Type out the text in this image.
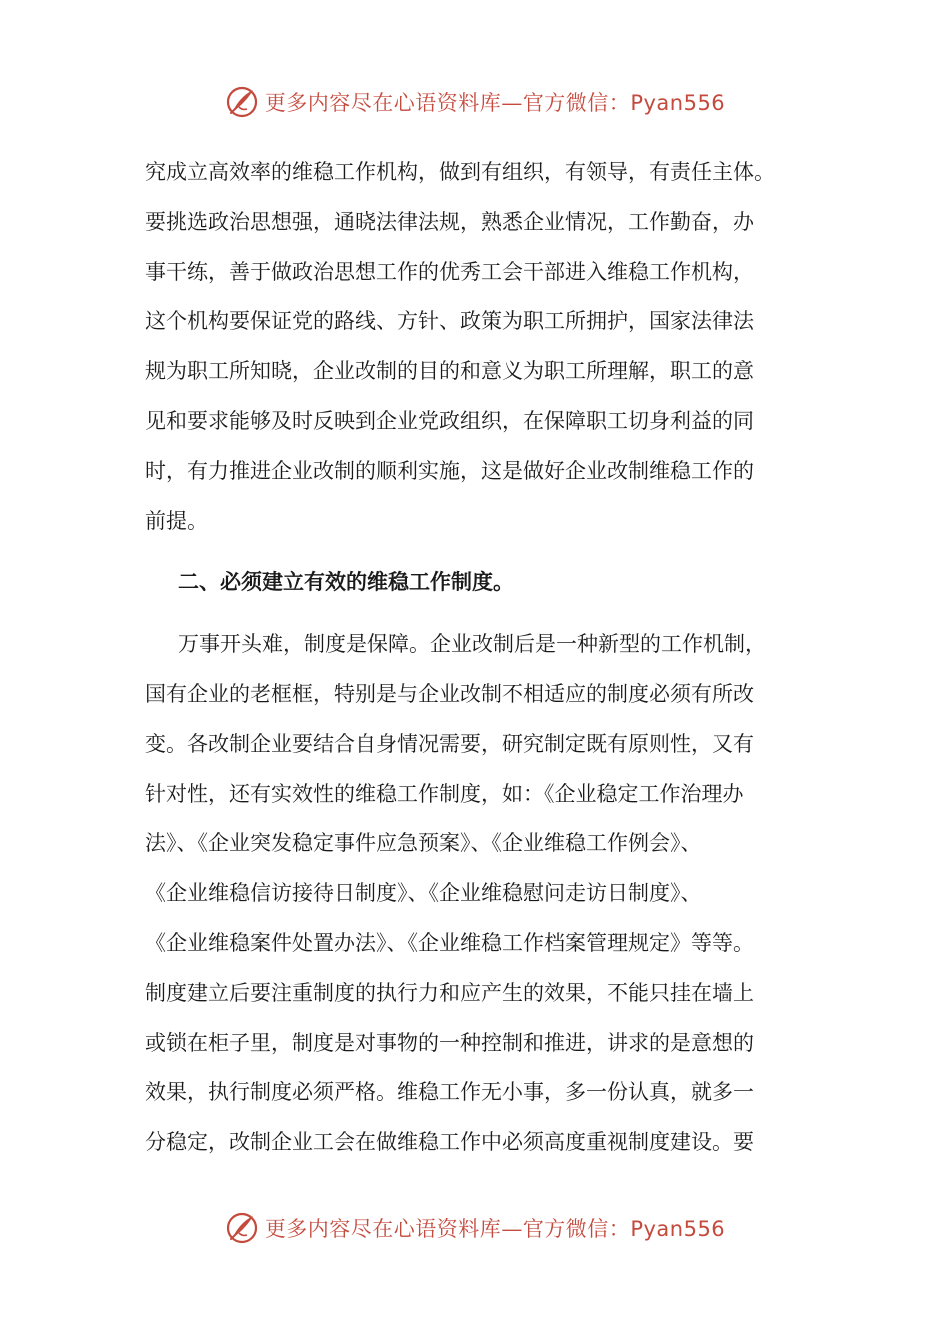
更多内容尽在心语资料库—官方微信：Pyan556
究成立高效率的维稳工作机构，做到有组织，有领导，有责任主体。
要挑选政治思想强，通晓法律法规，熟悉企业情况，工作勤奋，办
事干练，善于做政治思想工作的优秀工会干部进入维稳工作机构，
这个机构要保证党的路线、方针、政策为职工所拥护，国家法律法
规为职工所知晓，企业改制的目的和意义为职工所理解，职工的意
见和要求能够及时反映到企业党政组织，在保障职工切身利益的同
时，有力推进企业改制的顺利实施，这是做好企业改制维稳工作的
前提。
二、必须建立有效的维稳工作制度。
万事开头难，制度是保障。企业改制后是一种新型的工作机制，
国有企业的老框框，特别是与企业改制不相适应的制度必须有所改
变。各改制企业要结合自身情况需要，研究制定既有原则性，又有
针对性，还有实效性的维稳工作制度，如：《企业稳定工作治理办
法》、《企业突发稳定事件应急预案》、《企业维稳工作例会》、
《企业维稳信访接待日制度》、《企业维稳慰问走访日制度》、
《企业维稳案件处置办法》、《企业维稳工作档案管理规定》等等。
制度建立后要注重制度的执行力和应产生的效果，不能只挂在墙上
或锁在柜子里，制度是对事物的一种控制和推进，讲求的是意想的
效果，执行制度必须严格。维稳工作无小事，多一份认真，就多一
分稳定，改制企业工会在做维稳工作中必须高度重视制度建设。要
更多内容尽在心语资料库—官方微信：Pyan556
